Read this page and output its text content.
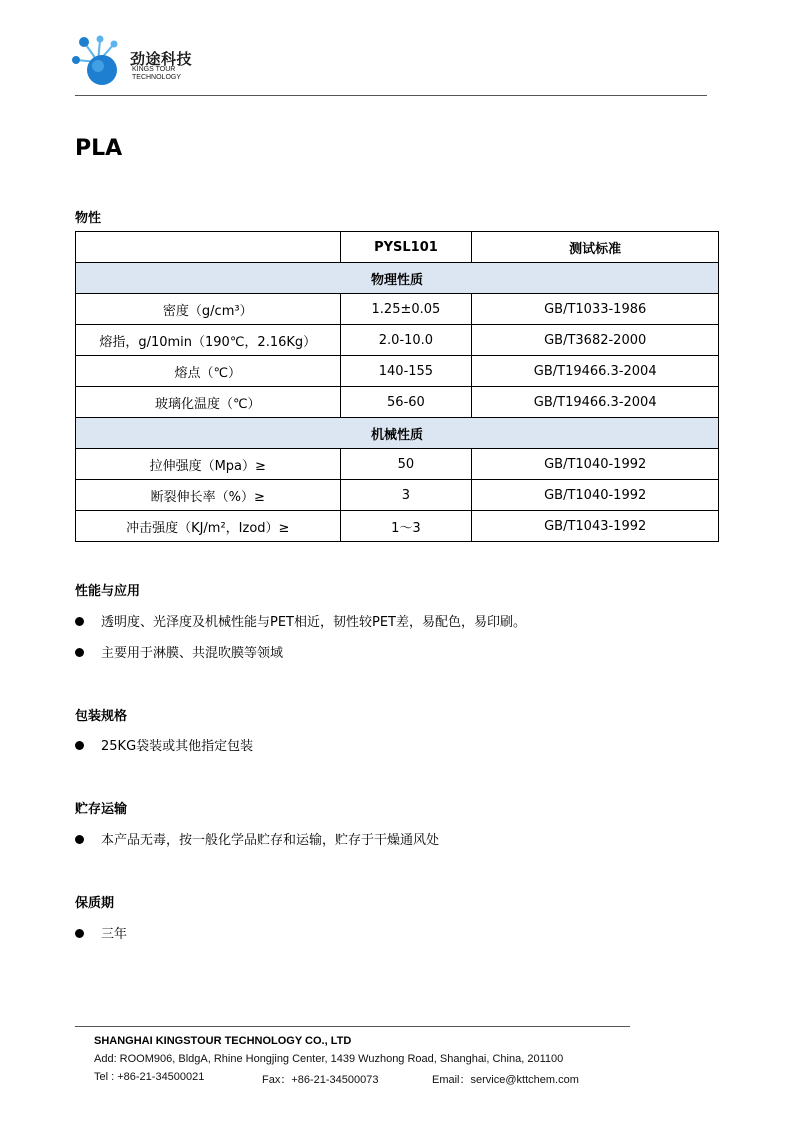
劲途科技
KINGS TOUR
TECHNOLOGY
PLA
物性
	PYSL101	测试标准
物理性质		
密度（g/cm³）	1.25±0.05	GB/T1033-1986
熔指，g/10min（190℃，2.16Kg）	2.0-10.0	GB/T3682-2000
熔点（℃）	140-155	GB/T19466.3-2004
玻璃化温度（℃）	56-60	GB/T19466.3-2004
机械性质		
拉伸强度（Mpa）≥	50	GB/T1040-1992
断裂伸长率（%）≥	3	GB/T1040-1992
冲击强度（KJ/m²，Izod）≥	1～3	GB/T1043-1992
性能与应用
透明度、光泽度及机械性能与PET相近，韧性较PET差，易配色，易印刷。
主要用于淋膜、共混吹膜等领域
包装规格
25KG袋装或其他指定包装
贮存运输
本产品无毒，按一般化学品贮存和运输，贮存于干燥通风处
保质期
三年
SHANGHAI KINGSTOUR TECHNOLOGY CO., LTD
Add: ROOM906, BldgA, Rhine Hongjing Center, 1439 Wuzhong Road, Shanghai, China, 201100
Tel : +86-21-34500021	Fax：+86-21-34500073	Email：service@kttchem.com
